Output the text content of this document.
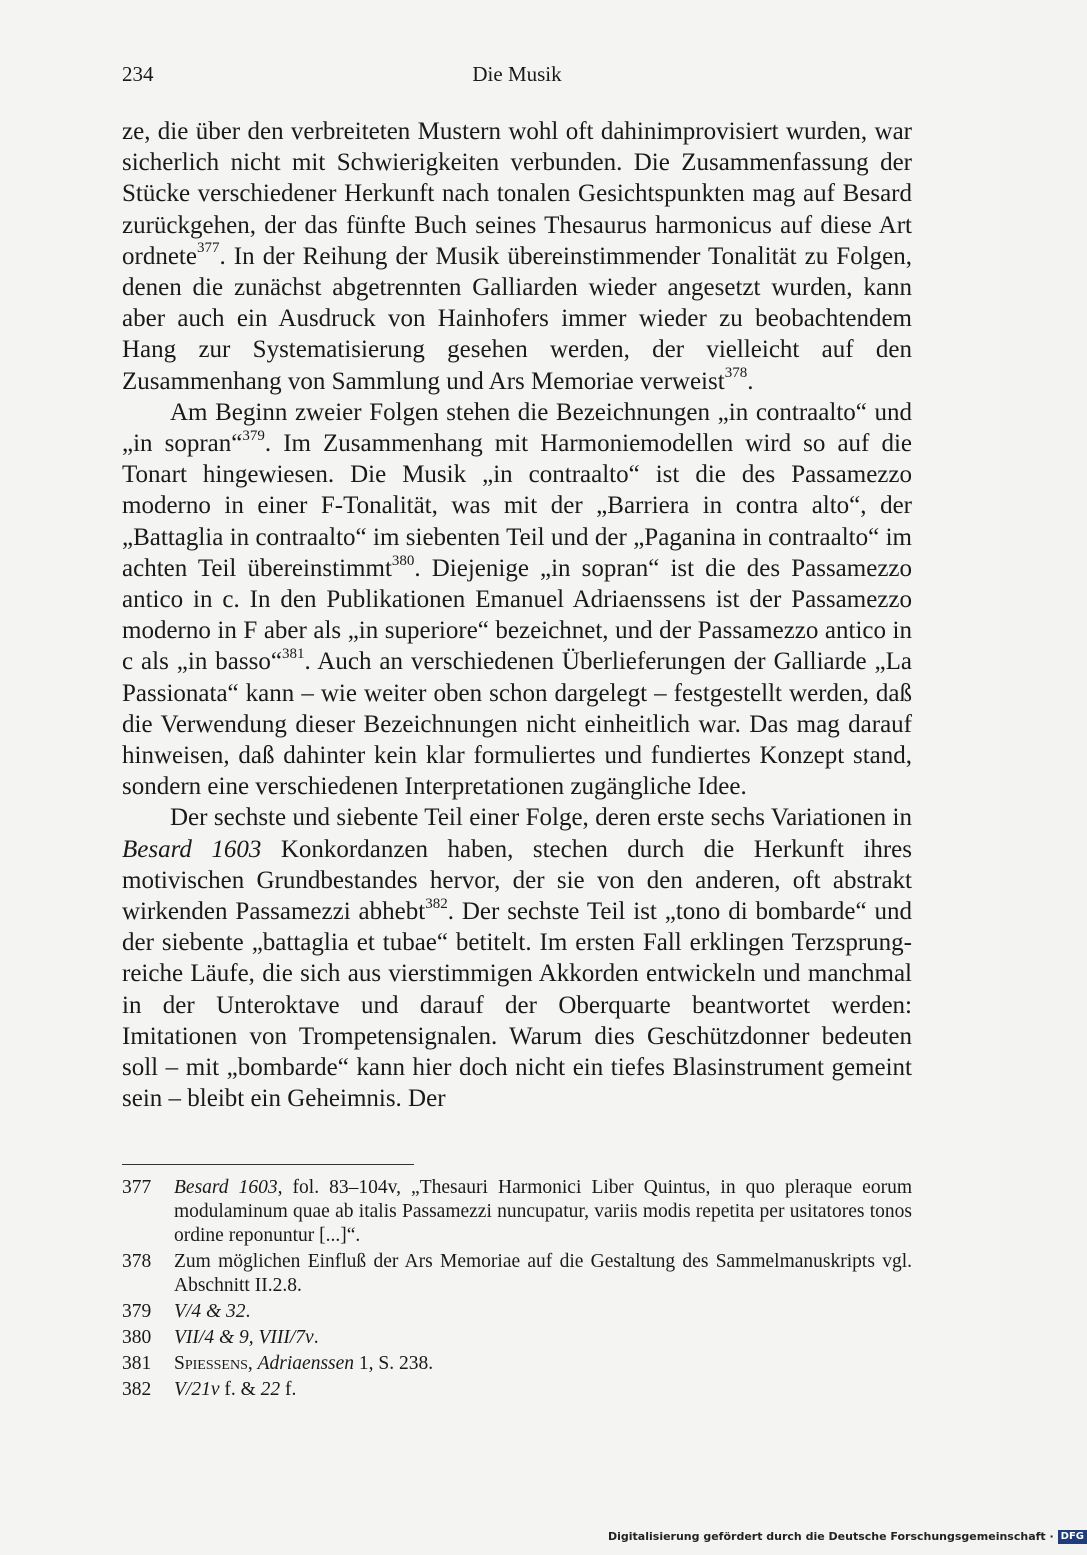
234	Die Musik

ze, die über den verbreiteten Mustern wohl oft dahinimprovisiert wurden, war sicherlich nicht mit Schwierigkeiten verbunden. Die Zusammenfassung der Stücke verschiedener Herkunft nach tonalen Gesichtspunkten mag auf Besard zurückgehen, der das fünfte Buch seines Thesaurus harmonicus auf diese Art ordnete$^{377}$. In der Reihung der Musik übereinstimmender Tonalität zu Folgen, denen die zunächst abgetrennten Galliarden wieder angesetzt wurden, kann aber auch ein Ausdruck von Hainhofers immer wieder zu beobachtendem Hang zur Systematisierung gesehen werden, der vielleicht auf den Zusammenhang von Sammlung und Ars Memoriae verweist$^{378}$.

Am Beginn zweier Folgen stehen die Bezeichnungen „in contraalto“ und „in sopran“$^{379}$. Im Zusammenhang mit Harmoniemodellen wird so auf die Tonart hingewiesen. Die Musik „in contraalto“ ist die des Passamezzo moderno in einer F-Tonalität, was mit der „Barriera in contra alto“, der „Battaglia in contraalto“ im siebenten Teil und der „Paganina in contraalto“ im achten Teil übereinstimmt$^{380}$. Diejenige „in sopran“ ist die des Passamezzo antico in c. In den Publikationen Emanuel Adriaenssens ist der Passamezzo moderno in F aber als „in superiore“ bezeichnet, und der Passamezzo antico in c als „in basso“$^{381}$. Auch an verschiedenen Überlieferungen der Galliarde „La Passionata“ kann – wie weiter oben schon dargelegt – festgestellt werden, daß die Verwendung dieser Bezeichnungen nicht einheitlich war. Das mag darauf hinweisen, daß dahinter kein klar formuliertes und fundiertes Konzept stand, sondern eine verschiedenen Interpretationen zugängliche Idee.

Der sechste und siebente Teil einer Folge, deren erste sechs Variationen in Besard 1603 Konkordanzen haben, stechen durch die Herkunft ihres motivischen Grundbestandes hervor, der sie von den anderen, oft abstrakt wirkenden Passamezzi abhebt$^{382}$. Der sechste Teil ist „tono di bombarde“ und der siebente „battaglia et tubae“ betitelt. Im ersten Fall erklingen Terzsprung-reiche Läufe, die sich aus vierstimmigen Akkorden entwickeln und manchmal in der Unteroktave und darauf der Oberquarte beantwortet werden: Imitationen von Trompetensignalen. Warum dies Geschützdonner bedeuten soll – mit „bombarde“ kann hier doch nicht ein tiefes Blasinstrument gemeint sein – bleibt ein Geheimnis. Der

377 Besard 1603, fol. 83–104v, „Thesauri Harmonici Liber Quintus, in quo pleraque eorum modulaminum quae ab italis Passamezzi nuncupatur, variis modis repetita per usitatores tonos ordine reponuntur [...]“.
378 Zum möglichen Einfluß der Ars Memoriae auf die Gestaltung des Sammelmanuskripts vgl. Abschnitt II.2.8.
379 V/4 & 32.
380 VII/4 & 9, VIII/7v.
381 Spiessens, Adriaenssen 1, S. 238.
382 V/21v f. & 22 f.
Digitalisierung gefördert durch die Deutsche Forschungsgemeinschaft · DFG
